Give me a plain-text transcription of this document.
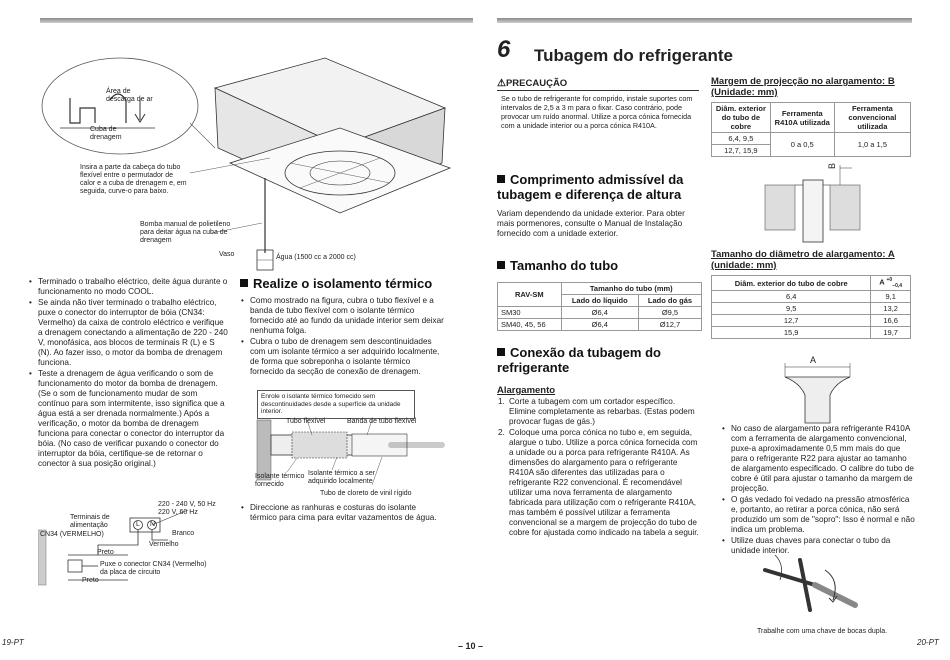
Área de descarga de ar
Cuba de drenagem
Insira a parte da cabeça do tubo flexível entre o permutador de calor e a cuba de drenagem e, em seguida, curve-o para baixo.
Bomba manual de polietileno para deitar água na cuba de drenagem
Vaso	Água (1500 cc a 2000 cc)
• Terminado o trabalho eléctrico, deite água durante o funcionamento no modo COOL.
• Se ainda não tiver terminado o trabalho eléctrico, puxe o conector do interruptor de bóia (CN34: Vermelho) da caixa de controlo eléctrico e verifique a drenagem conectando a alimentação de 220 - 240 V, monofásica, aos blocos de terminais R (L) e S (N). Ao fazer isso, o motor da bomba de drenagem funciona.
• Teste a drenagem de água verificando o som de funcionamento do motor da bomba de drenagem. (Se o som de funcionamento mudar de som contínuo para som intermitente, isso significa que a água está a ser drenada normalmente.) Após a verificação, o motor da bomba de drenagem funciona para conectar o conector do interruptor da bóia. (No caso de verificar puxando o conector do interruptor da bóia, certifique-se de retornar o conector à sua posição original.)
220 - 240 V, 50 Hz
220 V, 60 Hz
Terminais de alimentação
CN34 (VERMELHO)
L N
Branco
Vermelho
Preto
Puxe o conector CN34 (Vermelho) da placa de circuito
Preto
Realize o isolamento térmico
• Como mostrado na figura, cubra o tubo flexível e a banda de tubo flexível com o isolante térmico fornecido até ao fundo da unidade interior sem deixar nenhuma folga.
• Cubra o tubo de drenagem sem descontinuidades com um isolante térmico a ser adquirido localmente, de forma que sobreponha o isolante térmico fornecido da secção de conexão de drenagem.
Enrole o isolante térmico fornecido sem descontinuidades desde a superfície da unidade interior.
Tubo flexível	Banda de tubo flexível
Isolante térmico fornecido
Isolante térmico a ser adquirido localmente
Tubo de cloreto de vinil rígido
• Direccione as ranhuras e costuras do isolante térmico para cima para evitar vazamentos de água.
19-PT	– 10 –
6 Tubagem do refrigerante
⚠PRECAUÇÃO
Se o tubo de refrigerante for comprido, instale suportes com intervalos de 2,5 a 3 m para o fixar. Caso contrário, pode provocar um ruído anormal. Utilize a porca cónica fornecida com a unidade interior ou a porca cónica R410A.
Comprimento admissível da tubagem e diferença de altura
Variam dependendo da unidade exterior. Para obter mais pormenores, consulte o Manual de Instalação fornecido com a unidade exterior.
Tamanho do tubo
RAV-SM	Tamanho do tubo (mm)	
	Lado do líquido	Lado do gás
SM30	Ø6,4	Ø9,5
SM40, 45, 56	Ø6,4	Ø12,7
Conexão da tubagem do refrigerante
Alargamento
1. Corte a tubagem com um cortador específico. Elimine completamente as rebarbas. (Estas podem provocar fugas de gás.)
2. Coloque uma porca cónica no tubo e, em seguida, alargue o tubo. Utilize a porca cónica fornecida com a unidade ou a porca para refrigerante R410A. As dimensões do alargamento para o refrigerante R410A são diferentes das utilizadas para o refrigerante R22 convencional. É recomendável utilizar uma nova ferramenta de alargamento fabricada para utilização com o refrigerante R410A, mas também é possível utilizar a ferramenta convencional se a margem de projecção do tubo de cobre for ajustada como indicado na tabela a seguir.
Margem de projecção no alargamento: B (Unidade: mm)
Diâm. exterior do tubo de cobre	Ferramenta R410A utilizada	Ferramenta convencional utilizada
6,4, 9,5	0 a 0,5	1,0 a 1,5
12,7, 15,9		
B
Tamanho do diâmetro de alargamento: A (unidade: mm)
Diâm. exterior do tubo de cobre	A $^{+0}_{-0,4}$
6,4	9,1
9,5	13,2
12,7	16,6
15,9	19,7
A
• No caso de alargamento para refrigerante R410A com a ferramenta de alargamento convencional, puxe-a aproximadamente 0,5 mm mais do que para o refrigerante R22 para ajustar ao tamanho de alargamento especificado. O calibre do tubo de cobre é útil para ajustar o tamanho da margem de projecção.
• O gás vedado foi vedado na pressão atmosférica e, portanto, ao retirar a porca cónica, não será produzido um som de "sopro": Isso é normal e não indica um problema.
• Utilize duas chaves para conectar o tubo da unidade interior.
Trabalhe com uma chave de bocas dupla.
20-PT
